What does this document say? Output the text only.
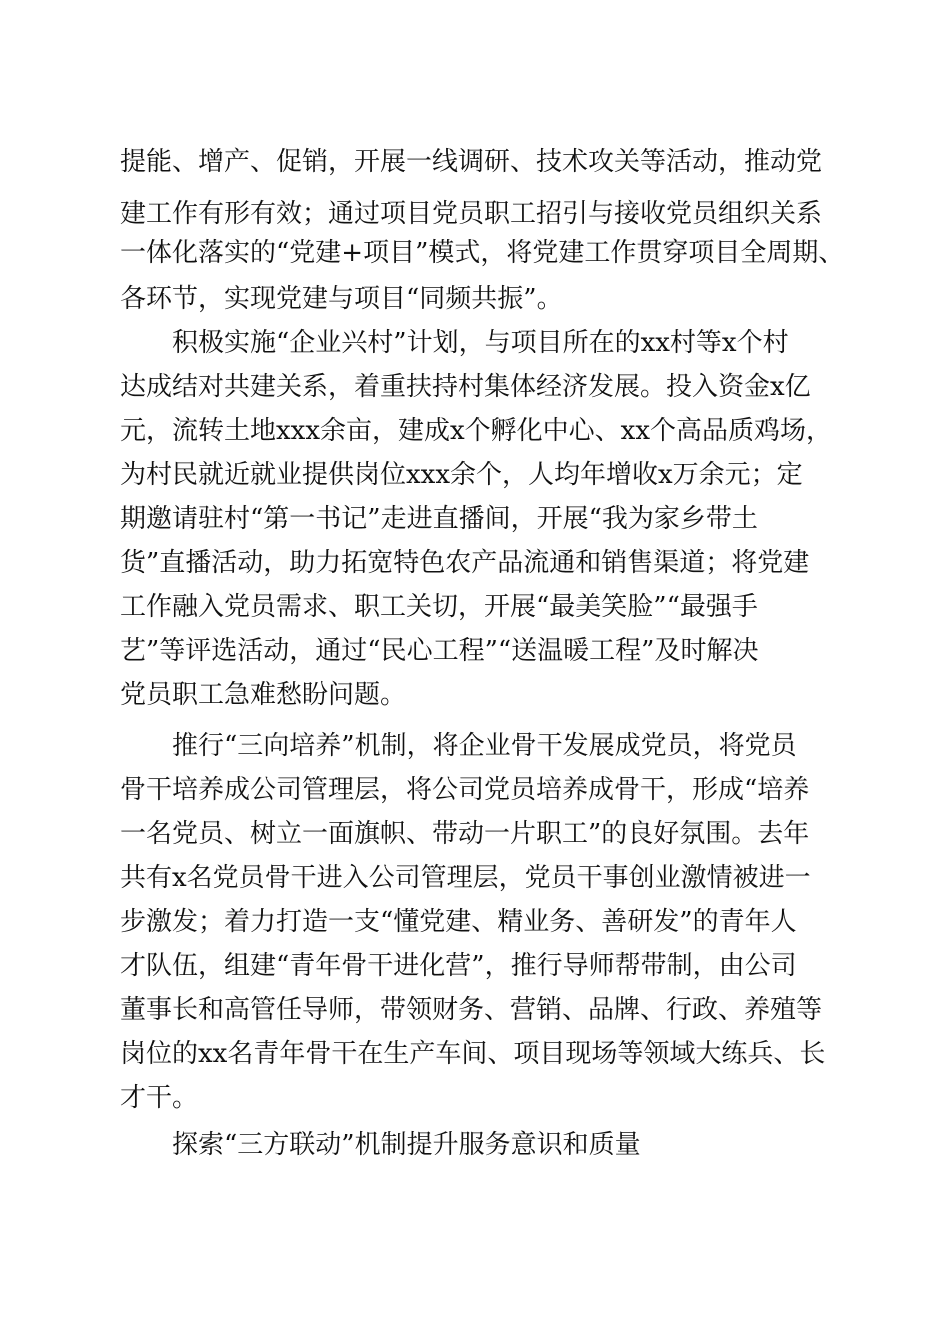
提能、增产、促销，开展一线调研、技术攻关等活动，推动党
建工作有形有效；通过项目党员职工招引与接收党员组织关系
一体化落实的“党建+项目”模式，将党建工作贯穿项目全周期、
各环节，实现党建与项目“同频共振”。
积极实施“企业兴村”计划，与项目所在的xx村等x个村
达成结对共建关系，着重扶持村集体经济发展。投入资金x亿
元，流转土地xxx余亩，建成x个孵化中心、xx个高品质鸡场，
为村民就近就业提供岗位xxx余个，人均年增收x万余元；定
期邀请驻村“第一书记”走进直播间，开展“我为家乡带土
货”直播活动，助力拓宽特色农产品流通和销售渠道；将党建
工作融入党员需求、职工关切，开展“最美笑脸”“最强手
艺”等评选活动，通过“民心工程”“送温暖工程”及时解决
党员职工急难愁盼问题。
推行“三向培养”机制，将企业骨干发展成党员，将党员
骨干培养成公司管理层，将公司党员培养成骨干，形成“培养
一名党员、树立一面旗帜、带动一片职工”的良好氛围。去年
共有x名党员骨干进入公司管理层，党员干事创业激情被进一
步激发；着力打造一支“懂党建、精业务、善研发”的青年人
才队伍，组建“青年骨干进化营”，推行导师帮带制，由公司
董事长和高管任导师，带领财务、营销、品牌、行政、养殖等
岗位的xx名青年骨干在生产车间、项目现场等领域大练兵、长
才干。
探索“三方联动”机制提升服务意识和质量
